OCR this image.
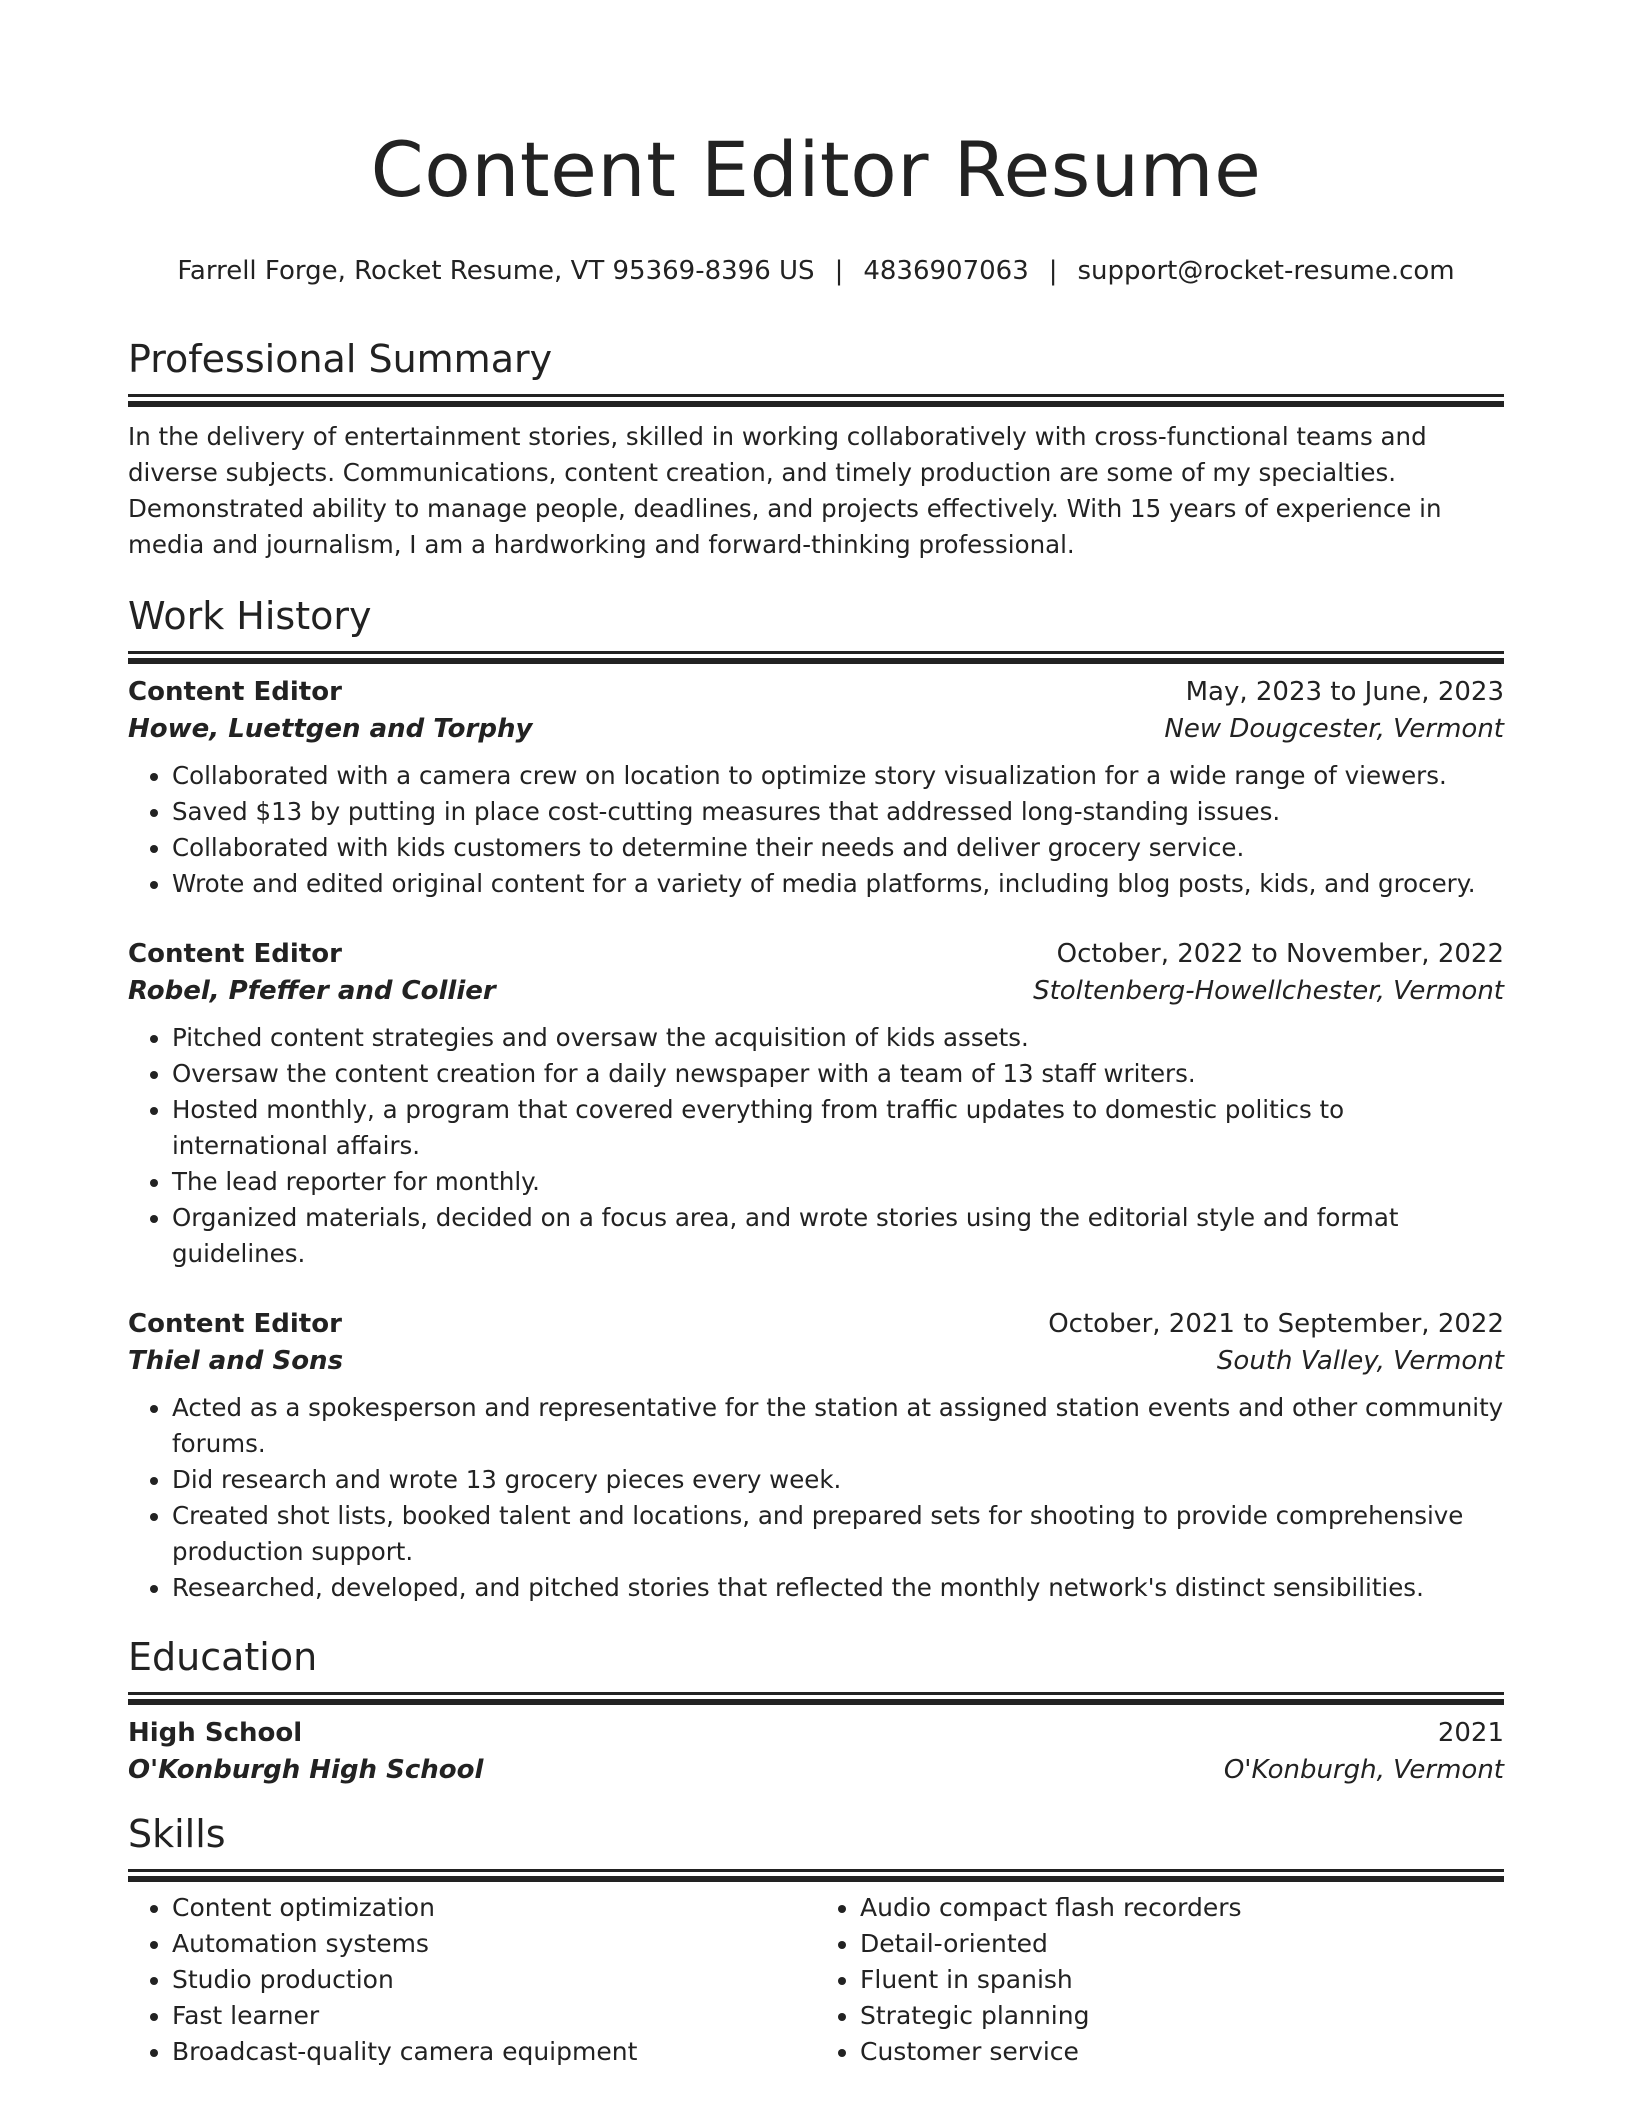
Content Editor Resume
Farrell Forge, Rocket Resume, VT 95369-8396 US | 4836907063 | support@rocket-resume.com
Professional Summary

In the delivery of entertainment stories, skilled in working collaboratively with cross-functional teams and diverse subjects. Communications, content creation, and timely production are some of my specialties. Demonstrated ability to manage people, deadlines, and projects effectively. With 15 years of experience in media and journalism, I am a hardworking and forward-thinking professional.

Work History
Content Editor	May, 2023 to June, 2023
Howe, Luettgen and Torphy	New Dougcester, Vermont
• Collaborated with a camera crew on location to optimize story visualization for a wide range of viewers.
• Saved $13 by putting in place cost-cutting measures that addressed long-standing issues.
• Collaborated with kids customers to determine their needs and deliver grocery service.
• Wrote and edited original content for a variety of media platforms, including blog posts, kids, and grocery.
Content Editor	October, 2022 to November, 2022
Robel, Pfeffer and Collier	Stoltenberg-Howellchester, Vermont
• Pitched content strategies and oversaw the acquisition of kids assets.
• Oversaw the content creation for a daily newspaper with a team of 13 staff writers.
• Hosted monthly, a program that covered everything from traffic updates to domestic politics to international affairs.
• The lead reporter for monthly.
• Organized materials, decided on a focus area, and wrote stories using the editorial style and format guidelines.
Content Editor	October, 2021 to September, 2022
Thiel and Sons	South Valley, Vermont
• Acted as a spokesperson and representative for the station at assigned station events and other community forums.
• Did research and wrote 13 grocery pieces every week.
• Created shot lists, booked talent and locations, and prepared sets for shooting to provide comprehensive production support.
• Researched, developed, and pitched stories that reflected the monthly network's distinct sensibilities.
Education
High School	2021
O'Konburgh High School	O'Konburgh, Vermont
Skills
• Content optimization
• Automation systems
• Studio production
• Fast learner
• Broadcast-quality camera equipment
• Audio compact flash recorders
• Detail-oriented
• Fluent in spanish
• Strategic planning
• Customer service
